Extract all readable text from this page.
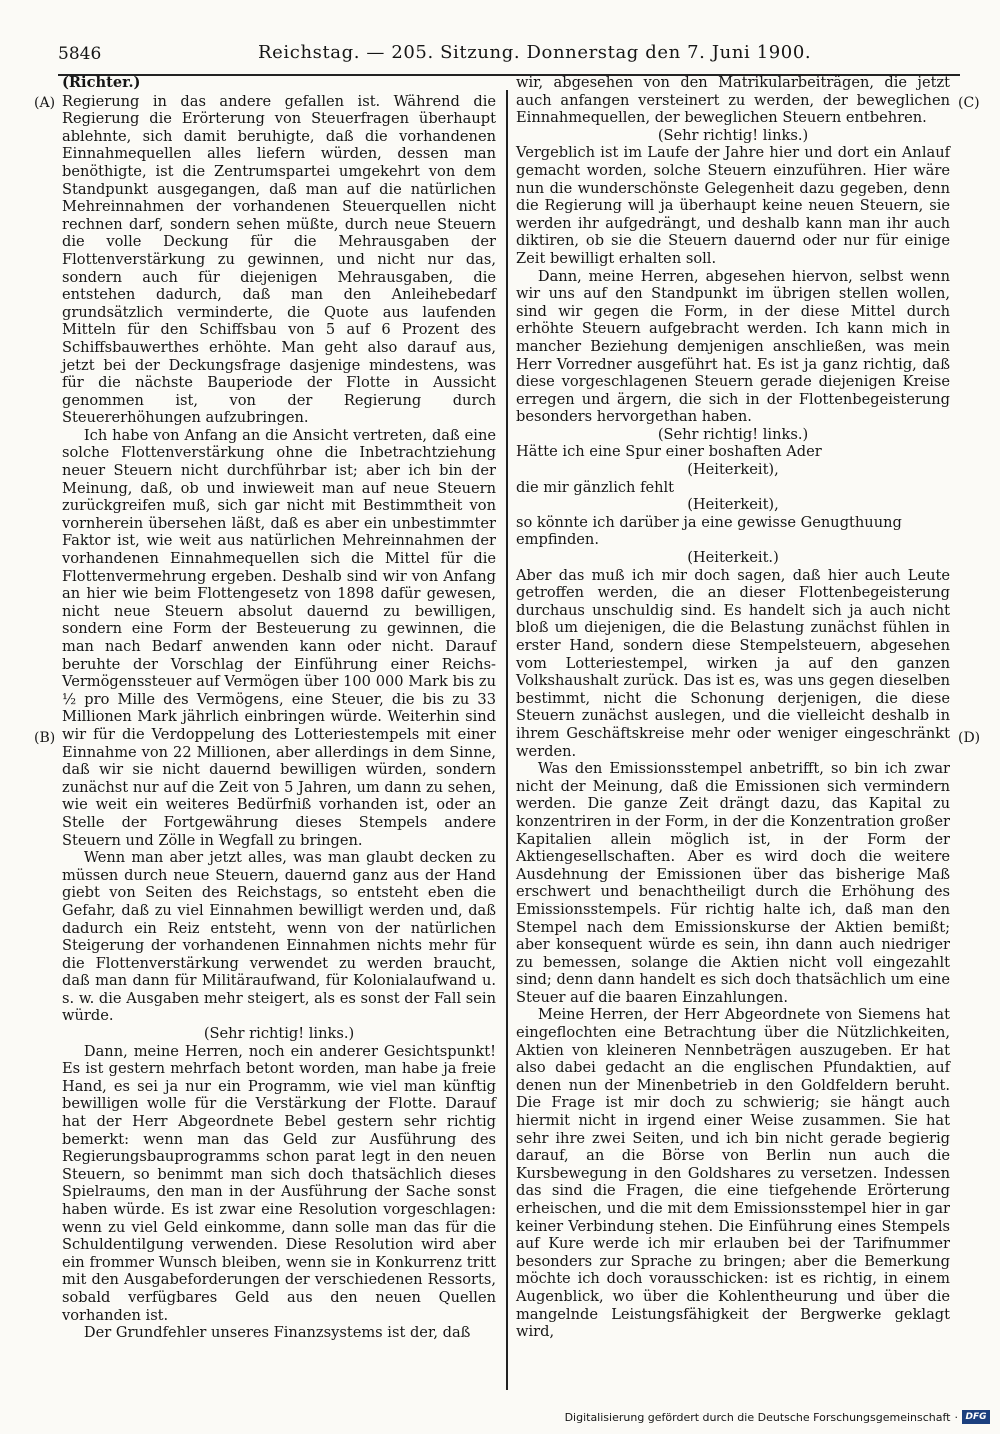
5846	Reichstag. — 205. Sitzung. Donnerstag den 7. Juni 1900.
(A)
(B)
(C)
(D)
(Richter.)

Regierung in das andere gefallen ist. Während die Regierung die Erörterung von Steuerfragen überhaupt ablehnte, sich damit beruhigte, daß die vorhandenen Einnahmequellen alles liefern würden, dessen man benöthigte, ist die Zentrumspartei umgekehrt von dem Standpunkt ausgegangen, daß man auf die natürlichen Mehreinnahmen der vorhandenen Steuerquellen nicht rechnen darf, sondern sehen müßte, durch neue Steuern die volle Deckung für die Mehrausgaben der Flottenverstärkung zu gewinnen, und nicht nur das, sondern auch für diejenigen Mehrausgaben, die entstehen dadurch, daß man den Anleihebedarf grundsätzlich verminderte, die Quote aus laufenden Mitteln für den Schiffsbau von 5 auf 6 Prozent des Schiffsbauwerthes erhöhte. Man geht also darauf aus, jetzt bei der Deckungsfrage dasjenige mindestens, was für die nächste Bauperiode der Flotte in Aussicht genommen ist, von der Regierung durch Steuererhöhungen aufzubringen.

Ich habe von Anfang an die Ansicht vertreten, daß eine solche Flottenverstärkung ohne die Inbetrachtziehung neuer Steuern nicht durchführbar ist; aber ich bin der Meinung, daß, ob und inwieweit man auf neue Steuern zurückgreifen muß, sich gar nicht mit Bestimmtheit von vornherein übersehen läßt, daß es aber ein unbestimmter Faktor ist, wie weit aus natürlichen Mehreinnahmen der vorhandenen Einnahmequellen sich die Mittel für die Flottenvermehrung ergeben. Deshalb sind wir von Anfang an hier wie beim Flottengesetz von 1898 dafür gewesen, nicht neue Steuern absolut dauernd zu bewilligen, sondern eine Form der Besteuerung zu gewinnen, die man nach Bedarf anwenden kann oder nicht. Darauf beruhte der Vorschlag der Einführung einer Reichs-Vermögenssteuer auf Vermögen über 100 000 Mark bis zu ½ pro Mille des Vermögens, eine Steuer, die bis zu 33 Millionen Mark jährlich einbringen würde. Weiterhin sind wir für die Verdoppelung des Lotteriestempels mit einer Einnahme von 22 Millionen, aber allerdings in dem Sinne, daß wir sie nicht dauernd bewilligen würden, sondern zunächst nur auf die Zeit von 5 Jahren, um dann zu sehen, wie weit ein weiteres Bedürfniß vorhanden ist, oder an Stelle der Fortgewährung dieses Stempels andere Steuern und Zölle in Wegfall zu bringen.

Wenn man aber jetzt alles, was man glaubt decken zu müssen durch neue Steuern, dauernd ganz aus der Hand giebt von Seiten des Reichstags, so entsteht eben die Gefahr, daß zu viel Einnahmen bewilligt werden und, daß dadurch ein Reiz entsteht, wenn von der natürlichen Steigerung der vorhandenen Einnahmen nichts mehr für die Flottenverstärkung verwendet zu werden braucht, daß man dann für Militäraufwand, für Kolonialaufwand u. s. w. die Ausgaben mehr steigert, als es sonst der Fall sein würde.

(Sehr richtig! links.)

Dann, meine Herren, noch ein anderer Gesichtspunkt! Es ist gestern mehrfach betont worden, man habe ja freie Hand, es sei ja nur ein Programm, wie viel man künftig bewilligen wolle für die Verstärkung der Flotte. Darauf hat der Herr Abgeordnete Bebel gestern sehr richtig bemerkt: wenn man das Geld zur Ausführung des Regierungsbauprogramms schon parat legt in den neuen Steuern, so benimmt man sich doch thatsächlich dieses Spielraums, den man in der Ausführung der Sache sonst haben würde. Es ist zwar eine Resolution vorgeschlagen: wenn zu viel Geld einkomme, dann solle man das für die Schuldentilgung verwenden. Diese Resolution wird aber ein frommer Wunsch bleiben, wenn sie in Konkurrenz tritt mit den Ausgabeforderungen der verschiedenen Ressorts, sobald verfügbares Geld aus den neuen Quellen vorhanden ist.

Der Grundfehler unseres Finanzsystems ist der, daß

wir, abgesehen von den Matrikularbeiträgen, die jetzt auch anfangen versteinert zu werden, der beweglichen Einnahmequellen, der beweglichen Steuern entbehren.

(Sehr richtig! links.)

Vergeblich ist im Laufe der Jahre hier und dort ein Anlauf gemacht worden, solche Steuern einzuführen. Hier wäre nun die wunderschönste Gelegenheit dazu gegeben, denn die Regierung will ja überhaupt keine neuen Steuern, sie werden ihr aufgedrängt, und deshalb kann man ihr auch diktiren, ob sie die Steuern dauernd oder nur für einige Zeit bewilligt erhalten soll.

Dann, meine Herren, abgesehen hiervon, selbst wenn wir uns auf den Standpunkt im übrigen stellen wollen, sind wir gegen die Form, in der diese Mittel durch erhöhte Steuern aufgebracht werden. Ich kann mich in mancher Beziehung demjenigen anschließen, was mein Herr Vorredner ausgeführt hat. Es ist ja ganz richtig, daß diese vorgeschlagenen Steuern gerade diejenigen Kreise erregen und ärgern, die sich in der Flottenbegeisterung besonders hervorgethan haben.

(Sehr richtig! links.)
Hätte ich eine Spur einer boshaften Ader
(Heiterkeit),
die mir gänzlich fehlt
(Heiterkeit),
so könnte ich darüber ja eine gewisse Genugthuung empfinden.
(Heiterkeit.)

Aber das muß ich mir doch sagen, daß hier auch Leute getroffen werden, die an dieser Flottenbegeisterung durchaus unschuldig sind. Es handelt sich ja auch nicht bloß um diejenigen, die die Belastung zunächst fühlen in erster Hand, sondern diese Stempelsteuern, abgesehen vom Lotteriestempel, wirken ja auf den ganzen Volkshaushalt zurück. Das ist es, was uns gegen dieselben bestimmt, nicht die Schonung derjenigen, die diese Steuern zunächst auslegen, und die vielleicht deshalb in ihrem Geschäftskreise mehr oder weniger eingeschränkt werden.

Was den Emissionsstempel anbetrifft, so bin ich zwar nicht der Meinung, daß die Emissionen sich vermindern werden. Die ganze Zeit drängt dazu, das Kapital zu konzentriren in der Form, in der die Konzentration großer Kapitalien allein möglich ist, in der Form der Aktiengesellschaften. Aber es wird doch die weitere Ausdehnung der Emissionen über das bisherige Maß erschwert und benachtheiligt durch die Erhöhung des Emissionsstempels. Für richtig halte ich, daß man den Stempel nach dem Emissionskurse der Aktien bemißt; aber konsequent würde es sein, ihn dann auch niedriger zu bemessen, solange die Aktien nicht voll eingezahlt sind; denn dann handelt es sich doch thatsächlich um eine Steuer auf die baaren Einzahlungen.

Meine Herren, der Herr Abgeordnete von Siemens hat eingeflochten eine Betrachtung über die Nützlichkeiten, Aktien von kleineren Nennbeträgen auszugeben. Er hat also dabei gedacht an die englischen Pfundaktien, auf denen nun der Minenbetrieb in den Goldfeldern beruht. Die Frage ist mir doch zu schwierig; sie hängt auch hiermit nicht in irgend einer Weise zusammen. Sie hat sehr ihre zwei Seiten, und ich bin nicht gerade begierig darauf, an die Börse von Berlin nun auch die Kursbewegung in den Goldshares zu versetzen. Indessen das sind die Fragen, die eine tiefgehende Erörterung erheischen, und die mit dem Emissionsstempel hier in gar keiner Verbindung stehen. Die Einführung eines Stempels auf Kure werde ich mir erlauben bei der Tarifnummer besonders zur Sprache zu bringen; aber die Bemerkung möchte ich doch vorausschicken: ist es richtig, in einem Augenblick, wo über die Kohlentheurung und über die mangelnde Leistungsfähigkeit der Bergwerke geklagt wird,

Digitalisierung gefördert durch die Deutsche Forschungsgemeinschaft · DFG
